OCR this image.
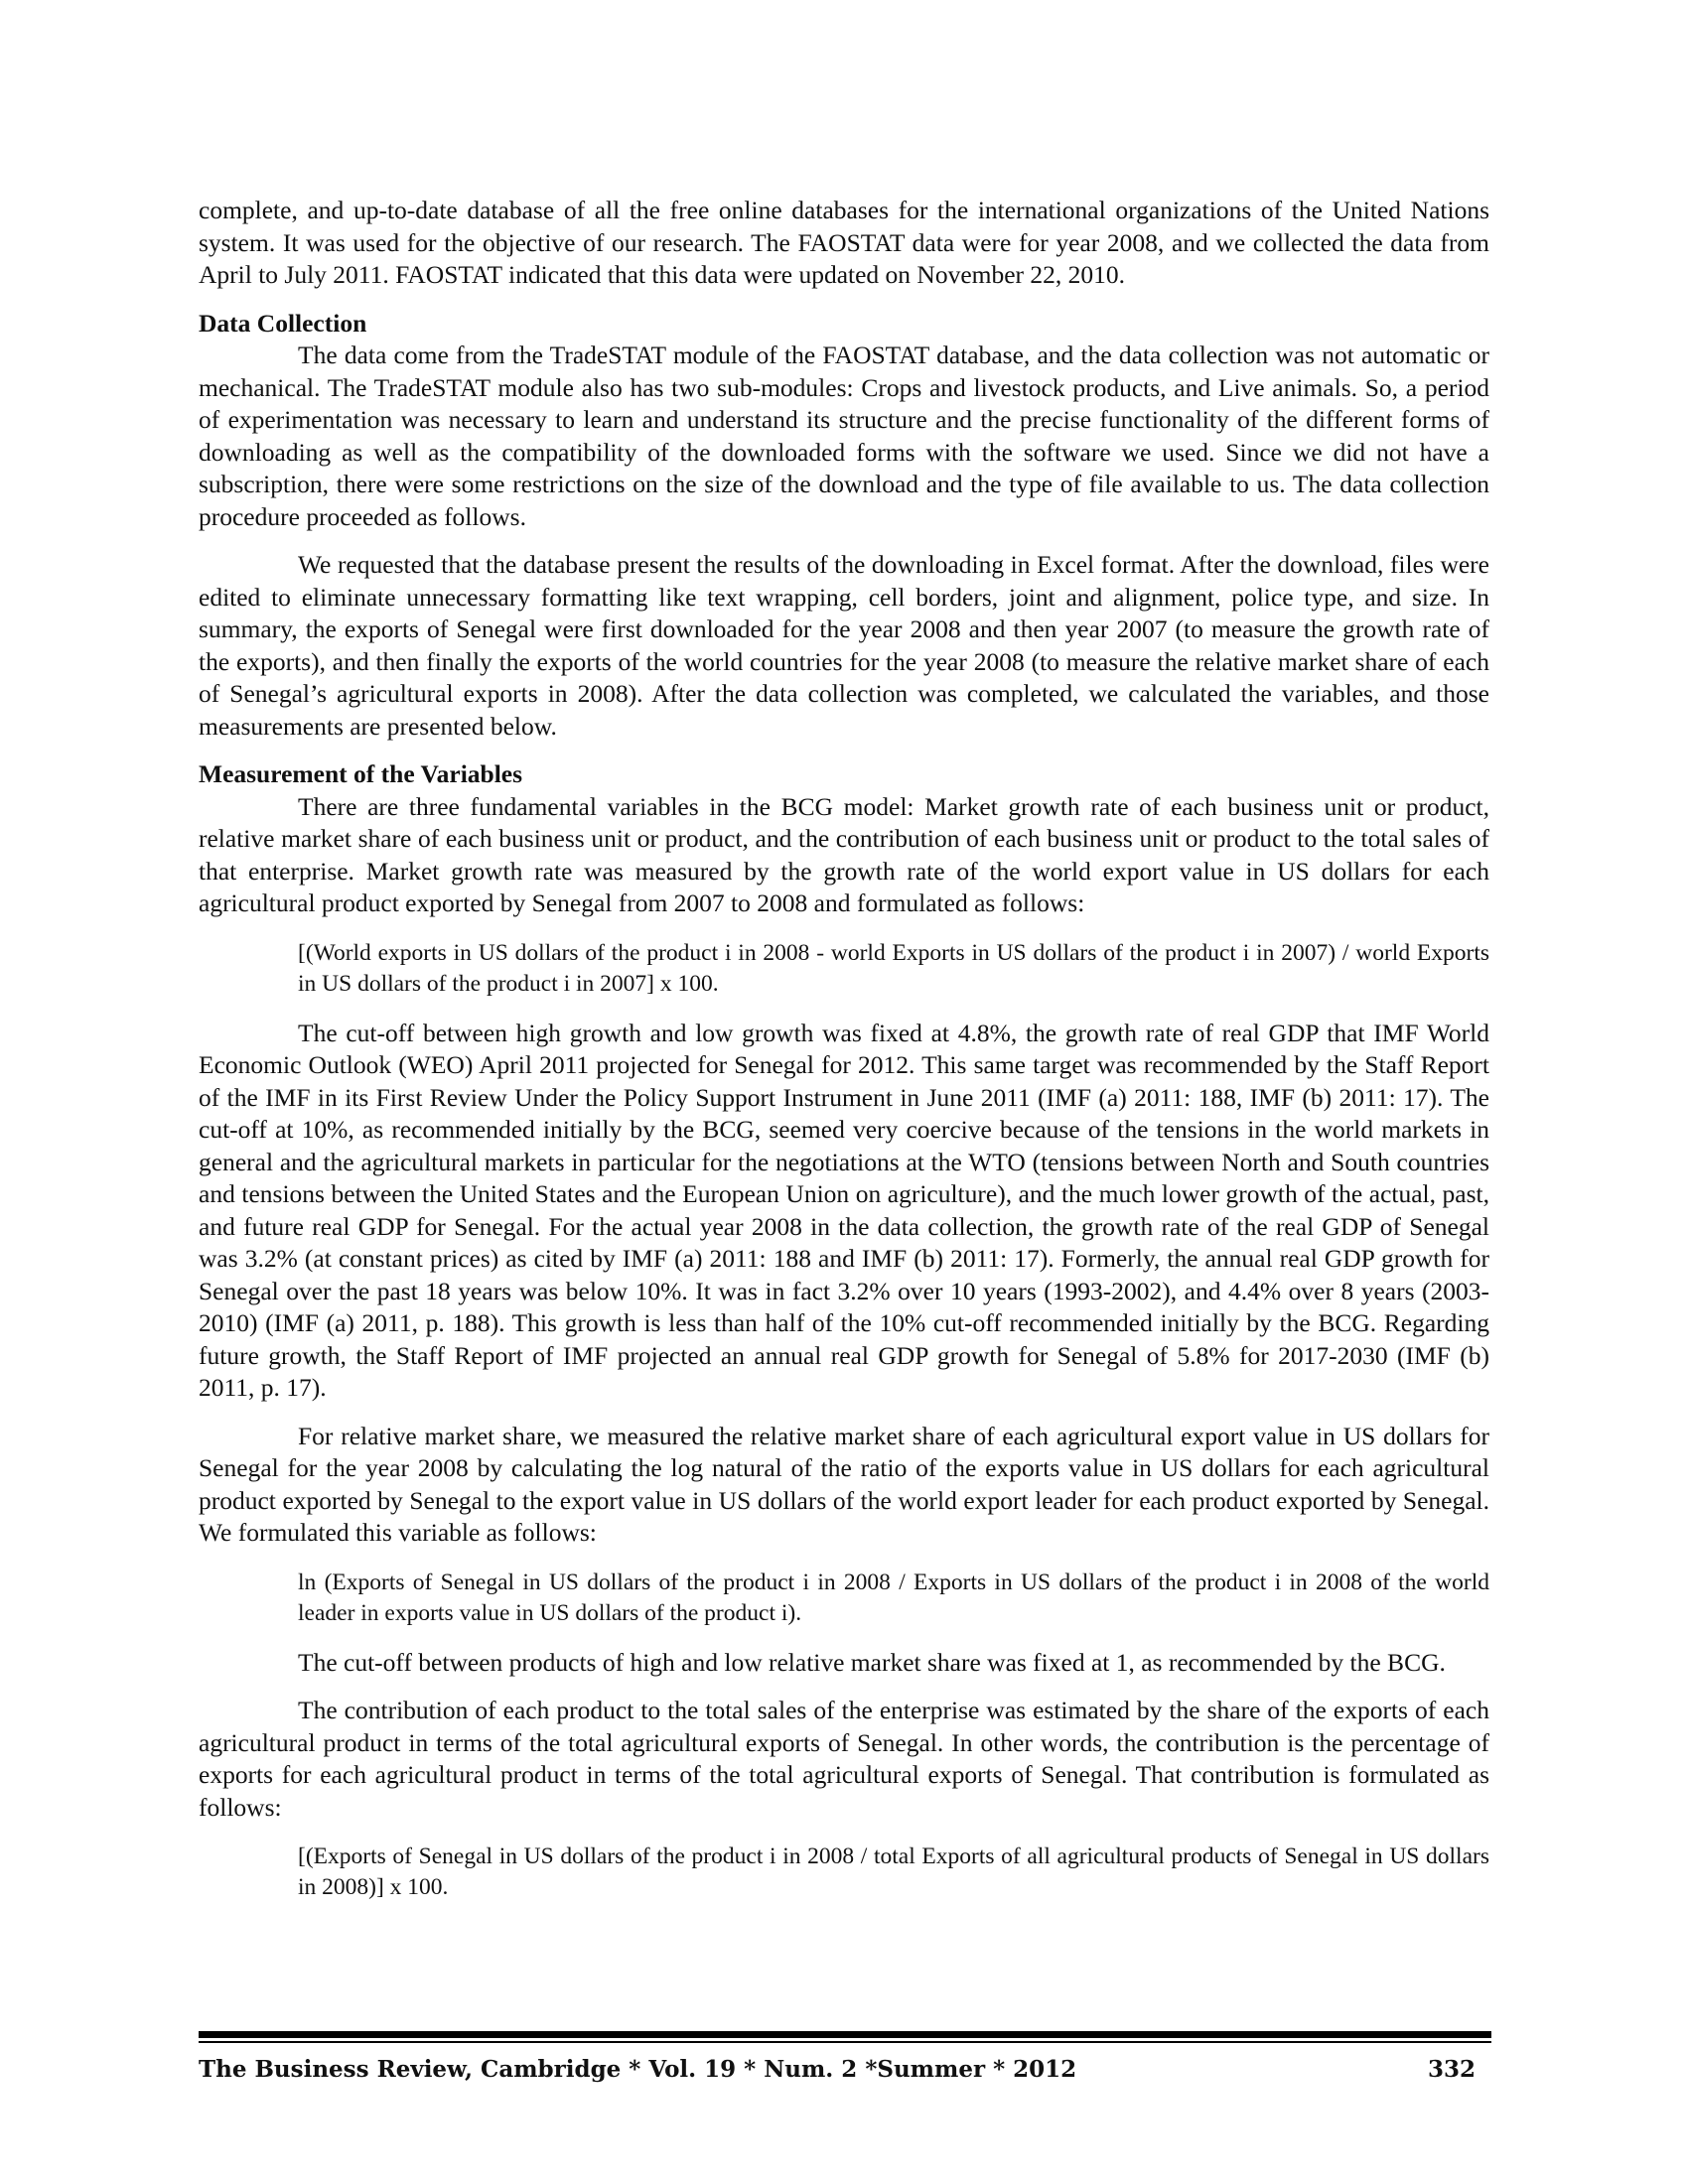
complete, and up-to-date database of all the free online databases for the international organizations of the United Nations system. It was used for the objective of our research. The FAOSTAT data were for year 2008, and we collected the data from April to July 2011. FAOSTAT indicated that this data were updated on November 22, 2010.

Data Collection

The data come from the TradeSTAT module of the FAOSTAT database, and the data collection was not automatic or mechanical. The TradeSTAT module also has two sub-modules: Crops and livestock products, and Live animals. So, a period of experimentation was necessary to learn and understand its structure and the precise functionality of the different forms of downloading as well as the compatibility of the downloaded forms with the software we used. Since we did not have a subscription, there were some restrictions on the size of the download and the type of file available to us. The data collection procedure proceeded as follows.

We requested that the database present the results of the downloading in Excel format. After the download, files were edited to eliminate unnecessary formatting like text wrapping, cell borders, joint and alignment, police type, and size. In summary, the exports of Senegal were first downloaded for the year 2008 and then year 2007 (to measure the growth rate of the exports), and then finally the exports of the world countries for the year 2008 (to measure the relative market share of each of Senegal’s agricultural exports in 2008). After the data collection was completed, we calculated the variables, and those measurements are presented below.

Measurement of the Variables

There are three fundamental variables in the BCG model: Market growth rate of each business unit or product, relative market share of each business unit or product, and the contribution of each business unit or product to the total sales of that enterprise. Market growth rate was measured by the growth rate of the world export value in US dollars for each agricultural product exported by Senegal from 2007 to 2008 and formulated as follows:

[(World exports in US dollars of the product i in 2008 - world Exports in US dollars of the product i in 2007) / world Exports in US dollars of the product i in 2007] x 100.

The cut-off between high growth and low growth was fixed at 4.8%, the growth rate of real GDP that IMF World Economic Outlook (WEO) April 2011 projected for Senegal for 2012. This same target was recommended by the Staff Report of the IMF in its First Review Under the Policy Support Instrument in June 2011 (IMF (a) 2011: 188, IMF (b) 2011: 17). The cut-off at 10%, as recommended initially by the BCG, seemed very coercive because of the tensions in the world markets in general and the agricultural markets in particular for the negotiations at the WTO (tensions between North and South countries and tensions between the United States and the European Union on agriculture), and the much lower growth of the actual, past, and future real GDP for Senegal. For the actual year 2008 in the data collection, the growth rate of the real GDP of Senegal was 3.2% (at constant prices) as cited by IMF (a) 2011: 188 and IMF (b) 2011: 17). Formerly, the annual real GDP growth for Senegal over the past 18 years was below 10%. It was in fact 3.2% over 10 years (1993-2002), and 4.4% over 8 years (2003-2010) (IMF (a) 2011, p. 188). This growth is less than half of the 10% cut-off recommended initially by the BCG. Regarding future growth, the Staff Report of IMF projected an annual real GDP growth for Senegal of 5.8% for 2017-2030 (IMF (b) 2011, p. 17).

For relative market share, we measured the relative market share of each agricultural export value in US dollars for Senegal for the year 2008 by calculating the log natural of the ratio of the exports value in US dollars for each agricultural product exported by Senegal to the export value in US dollars of the world export leader for each product exported by Senegal. We formulated this variable as follows:

ln (Exports of Senegal in US dollars of the product i in 2008 / Exports in US dollars of the product i in 2008 of the world leader in exports value in US dollars of the product i).

The cut-off between products of high and low relative market share was fixed at 1, as recommended by the BCG.

The contribution of each product to the total sales of the enterprise was estimated by the share of the exports of each agricultural product in terms of the total agricultural exports of Senegal. In other words, the contribution is the percentage of exports for each agricultural product in terms of the total agricultural exports of Senegal. That contribution is formulated as follows:

[(Exports of Senegal in US dollars of the product i in 2008 / total Exports of all agricultural products of Senegal in US dollars in 2008)] x 100.

The Business Review, Cambridge * Vol. 19 * Num. 2 *Summer * 2012	332
